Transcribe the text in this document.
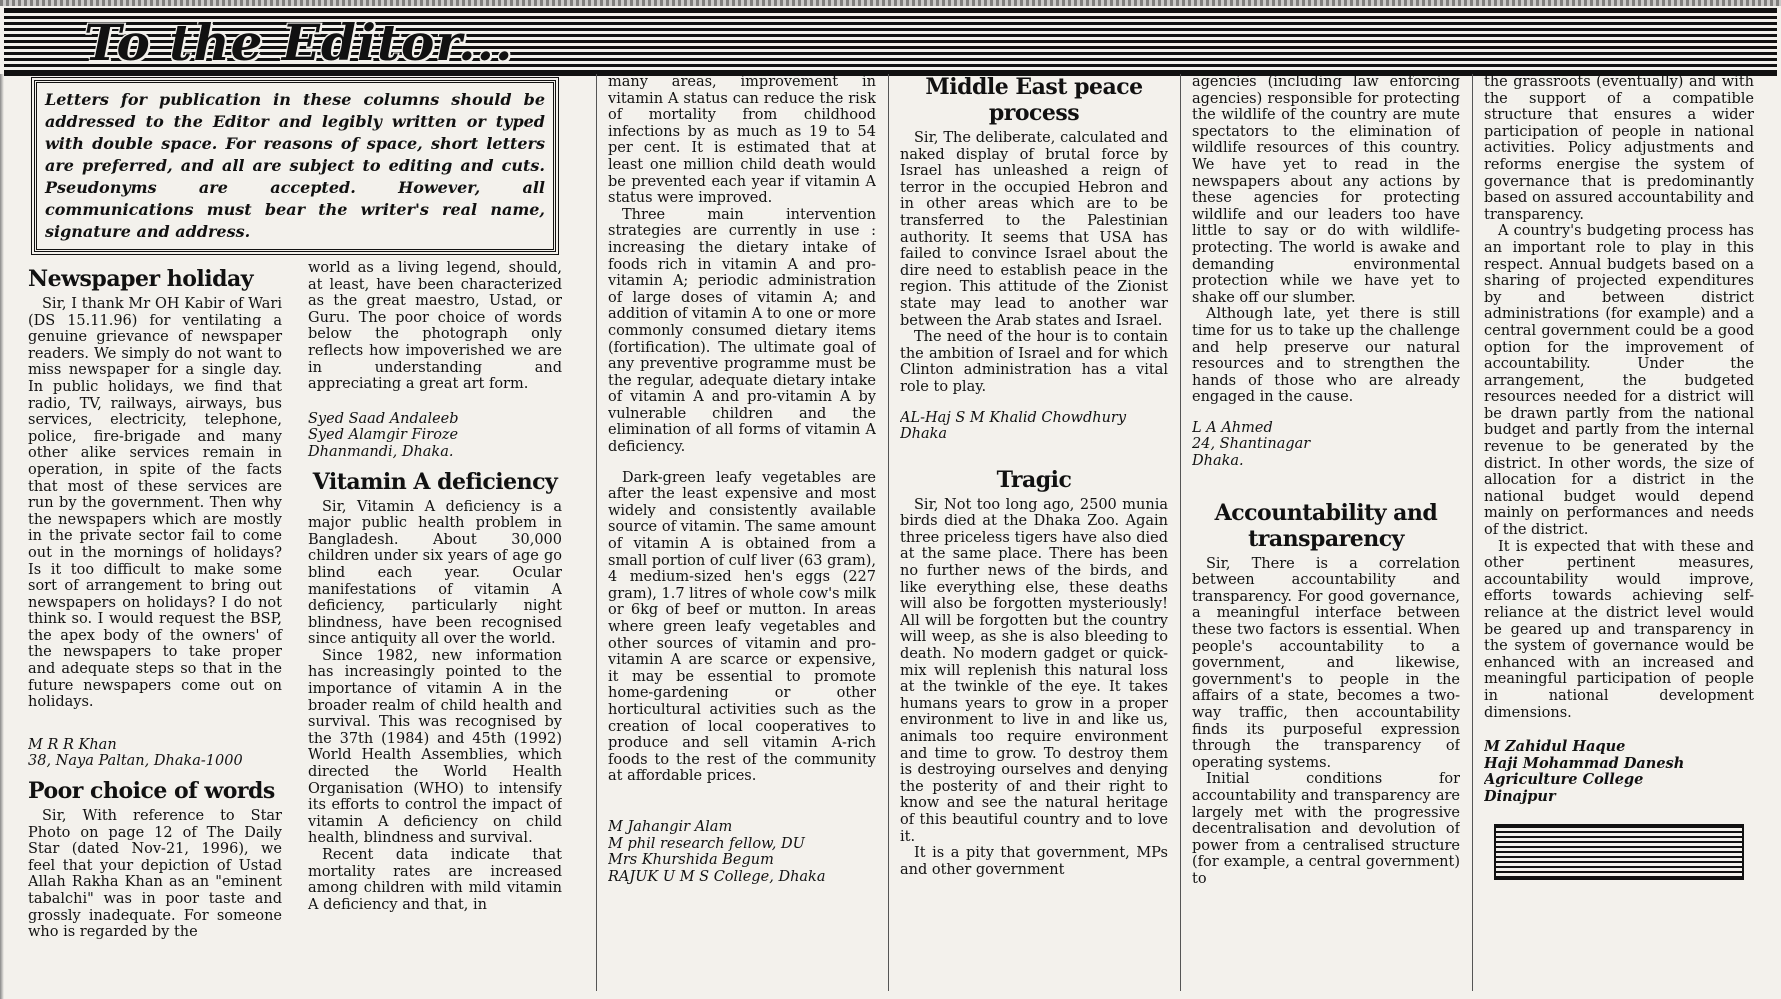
To the Editor...
Letters for publication in these columns should be addressed to the Editor and legibly written or typed with double space. For reasons of space, short letters are preferred, and all are subject to editing and cuts. Pseudonyms are accepted. However, all communications must bear the writer's real name, signature and address.
Newspaper holiday

Sir, I thank Mr OH Kabir of Wari (DS 15.11.96) for ventilating a genuine grievance of newspaper readers. We simply do not want to miss newspaper for a single day. In public holidays, we find that radio, TV, railways, airways, bus services, electricity, telephone, police, fire-brigade and many other alike services remain in operation, in spite of the facts that most of these services are run by the government. Then why the newspapers which are mostly in the private sector fail to come out in the mornings of holidays? Is it too difficult to make some sort of arrangement to bring out newspapers on holidays? I do not think so. I would request the BSP, the apex body of the owners' of the newspapers to take proper and adequate steps so that in the future newspapers come out on holidays.

M R R Khan
38, Naya Paltan, Dhaka-1000
Poor choice of words

Sir, With reference to Star Photo on page 12 of The Daily Star (dated Nov-21, 1996), we feel that your depiction of Ustad Allah Rakha Khan as an "eminent tabalchi" was in poor taste and grossly inadequate. For someone who is regarded by the

world as a living legend, should, at least, have been characterized as the great maestro, Ustad, or Guru. The poor choice of words below the photograph only reflects how impoverished we are in understanding and appreciating a great art form.

Syed Saad Andaleeb
Syed Alamgir Firoze
Dhanmandi, Dhaka.
Vitamin A deficiency

Sir, Vitamin A deficiency is a major public health problem in Bangladesh. About 30,000 children under six years of age go blind each year. Ocular manifestations of vitamin A deficiency, particularly night blindness, have been recognised since antiquity all over the world.

Since 1982, new information has increasingly pointed to the importance of vitamin A in the broader realm of child health and survival. This was recognised by the 37th (1984) and 45th (1992) World Health Assemblies, which directed the World Health Organisation (WHO) to intensify its efforts to control the impact of vitamin A deficiency on child health, blindness and survival.

Recent data indicate that mortality rates are increased among children with mild vitamin A deficiency and that, in

many areas, improvement in vitamin A status can reduce the risk of mortality from childhood infections by as much as 19 to 54 per cent. It is estimated that at least one million child death would be prevented each year if vitamin A status were improved.

Three main intervention strategies are currently in use : increasing the dietary intake of foods rich in vitamin A and pro-vitamin A; periodic administration of large doses of vitamin A; and addition of vitamin A to one or more commonly consumed dietary items (fortification). The ultimate goal of any preventive programme must be the regular, adequate dietary intake of vitamin A and pro-vitamin A by vulnerable children and the elimination of all forms of vitamin A deficiency.

Dark-green leafy vegetables are after the least expensive and most widely and consistently available source of vitamin. The same amount of vitamin A is obtained from a small portion of culf liver (63 gram), 4 medium-sized hen's eggs (227 gram), 1.7 litres of whole cow's milk or 6kg of beef or mutton. In areas where green leafy vegetables and other sources of vitamin and pro-vitamin A are scarce or expensive, it may be essential to promote home-gardening or other horticultural activities such as the creation of local cooperatives to produce and sell vitamin A-rich foods to the rest of the community at affordable prices.

M Jahangir Alam
M phil research fellow, DU
Mrs Khurshida Begum
RAJUK U M S College, Dhaka
Middle East peace process

Sir, The deliberate, calculated and naked display of brutal force by Israel has unleashed a reign of terror in the occupied Hebron and in other areas which are to be transferred to the Palestinian authority. It seems that USA has failed to convince Israel about the dire need to establish peace in the region. This attitude of the Zionist state may lead to another war between the Arab states and Israel.

The need of the hour is to contain the ambition of Israel and for which Clinton administration has a vital role to play.

AL-Haj S M Khalid Chowdhury
Dhaka
Tragic

Sir, Not too long ago, 2500 munia birds died at the Dhaka Zoo. Again three priceless tigers have also died at the same place. There has been no further news of the birds, and like everything else, these deaths will also be forgotten mysteriously! All will be forgotten but the country will weep, as she is also bleeding to death. No modern gadget or quick-mix will replenish this natural loss at the twinkle of the eye. It takes humans years to grow in a proper environment to live in and like us, animals too require environment and time to grow. To destroy them is destroying ourselves and denying the posterity of and their right to know and see the natural heritage of this beautiful country and to love it.

It is a pity that government, MPs and other government

agencies (including law enforcing agencies) responsible for protecting the wildlife of the country are mute spectators to the elimination of wildlife resources of this country. We have yet to read in the newspapers about any actions by these agencies for protecting wildlife and our leaders too have little to say or do with wildlife-protecting. The world is awake and demanding environmental protection while we have yet to shake off our slumber.

Although late, yet there is still time for us to take up the challenge and help preserve our natural resources and to strengthen the hands of those who are already engaged in the cause.

L A Ahmed
24, Shantinagar
Dhaka.
Accountability and transparency

Sir, There is a correlation between accountability and transparency. For good governance, a meaningful interface between these two factors is essential. When people's accountability to a government, and likewise, government's to people in the affairs of a state, becomes a two-way traffic, then accountability finds its purposeful expression through the transparency of operating systems.

Initial conditions for accountability and transparency are largely met with the progressive decentralisation and devolution of power from a centralised structure (for example, a central government) to

the grassroots (eventually) and with the support of a compatible structure that ensures a wider participation of people in national activities. Policy adjustments and reforms energise the system of governance that is predominantly based on assured accountability and transparency.

A country's budgeting process has an important role to play in this respect. Annual budgets based on a sharing of projected expenditures by and between district administrations (for example) and a central government could be a good option for the improvement of accountability. Under the arrangement, the budgeted resources needed for a district will be drawn partly from the national budget and partly from the internal revenue to be generated by the district. In other words, the size of allocation for a district in the national budget would depend mainly on performances and needs of the district.

It is expected that with these and other pertinent measures, accountability would improve, efforts towards achieving self-reliance at the district level would be geared up and transparency in the system of governance would be enhanced with an increased and meaningful participation of people in national development dimensions.

M Zahidul Haque
Haji Mohammad Danesh
Agriculture College
Dinajpur
